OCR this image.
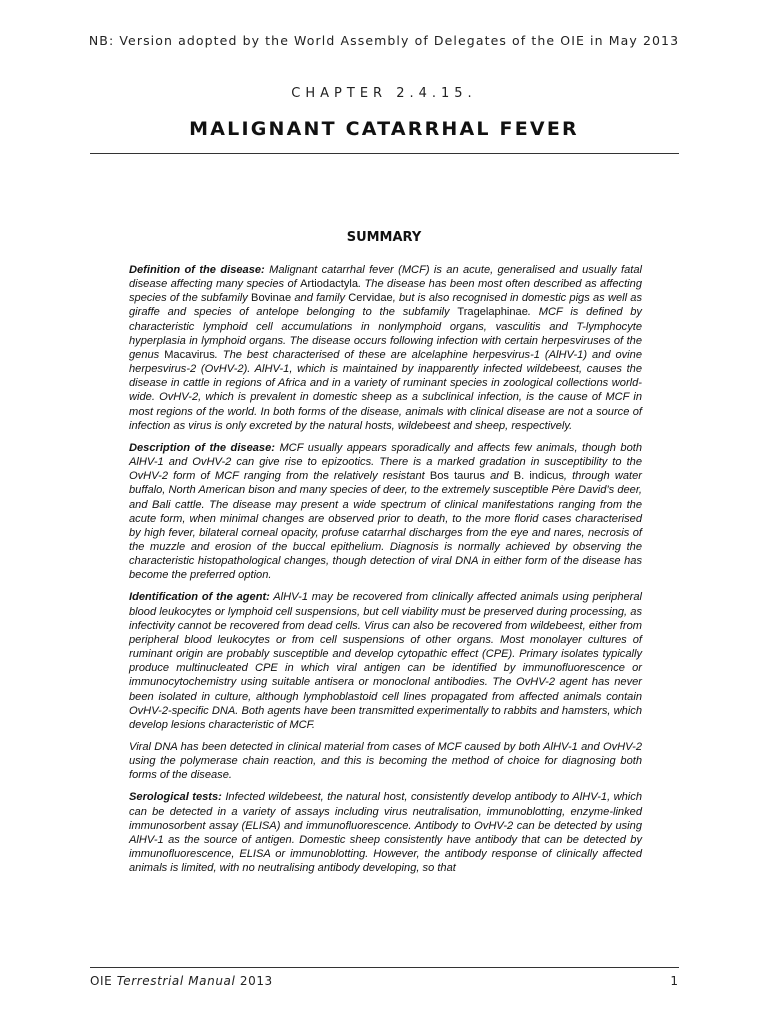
NB: Version adopted by the World Assembly of Delegates of the OIE in May 2013
CHAPTER 2.4.15.
MALIGNANT CATARRHAL FEVER
SUMMARY

Definition of the disease: Malignant catarrhal fever (MCF) is an acute, generalised and usually fatal disease affecting many species of Artiodactyla. The disease has been most often described as affecting species of the subfamily Bovinae and family Cervidae, but is also recognised in domestic pigs as well as giraffe and species of antelope belonging to the subfamily Tragelaphinae. MCF is defined by characteristic lymphoid cell accumulations in nonlymphoid organs, vasculitis and T-lymphocyte hyperplasia in lymphoid organs. The disease occurs following infection with certain herpesviruses of the genus Macavirus. The best characterised of these are alcelaphine herpesvirus-1 (AlHV-1) and ovine herpesvirus-2 (OvHV-2). AlHV-1, which is maintained by inapparently infected wildebeest, causes the disease in cattle in regions of Africa and in a variety of ruminant species in zoological collections world-wide. OvHV-2, which is prevalent in domestic sheep as a subclinical infection, is the cause of MCF in most regions of the world. In both forms of the disease, animals with clinical disease are not a source of infection as virus is only excreted by the natural hosts, wildebeest and sheep, respectively.

Description of the disease: MCF usually appears sporadically and affects few animals, though both AlHV-1 and OvHV-2 can give rise to epizootics. There is a marked gradation in susceptibility to the OvHV-2 form of MCF ranging from the relatively resistant Bos taurus and B. indicus, through water buffalo, North American bison and many species of deer, to the extremely susceptible Père David’s deer, and Bali cattle. The disease may present a wide spectrum of clinical manifestations ranging from the acute form, when minimal changes are observed prior to death, to the more florid cases characterised by high fever, bilateral corneal opacity, profuse catarrhal discharges from the eye and nares, necrosis of the muzzle and erosion of the buccal epithelium. Diagnosis is normally achieved by observing the characteristic histopathological changes, though detection of viral DNA in either form of the disease has become the preferred option.

Identification of the agent: AlHV-1 may be recovered from clinically affected animals using peripheral blood leukocytes or lymphoid cell suspensions, but cell viability must be preserved during processing, as infectivity cannot be recovered from dead cells. Virus can also be recovered from wildebeest, either from peripheral blood leukocytes or from cell suspensions of other organs. Most monolayer cultures of ruminant origin are probably susceptible and develop cytopathic effect (CPE). Primary isolates typically produce multinucleated CPE in which viral antigen can be identified by immunofluorescence or immunocytochemistry using suitable antisera or monoclonal antibodies. The OvHV-2 agent has never been isolated in culture, although lymphoblastoid cell lines propagated from affected animals contain OvHV-2-specific DNA. Both agents have been transmitted experimentally to rabbits and hamsters, which develop lesions characteristic of MCF.

Viral DNA has been detected in clinical material from cases of MCF caused by both AlHV-1 and OvHV-2 using the polymerase chain reaction, and this is becoming the method of choice for diagnosing both forms of the disease.

Serological tests: Infected wildebeest, the natural host, consistently develop antibody to AlHV-1, which can be detected in a variety of assays including virus neutralisation, immunoblotting, enzyme-linked immunosorbent assay (ELISA) and immunofluorescence. Antibody to OvHV-2 can be detected by using AlHV-1 as the source of antigen. Domestic sheep consistently have antibody that can be detected by immunofluorescence, ELISA or immunoblotting. However, the antibody response of clinically affected animals is limited, with no neutralising antibody developing, so that

OIE Terrestrial Manual 2013	1
